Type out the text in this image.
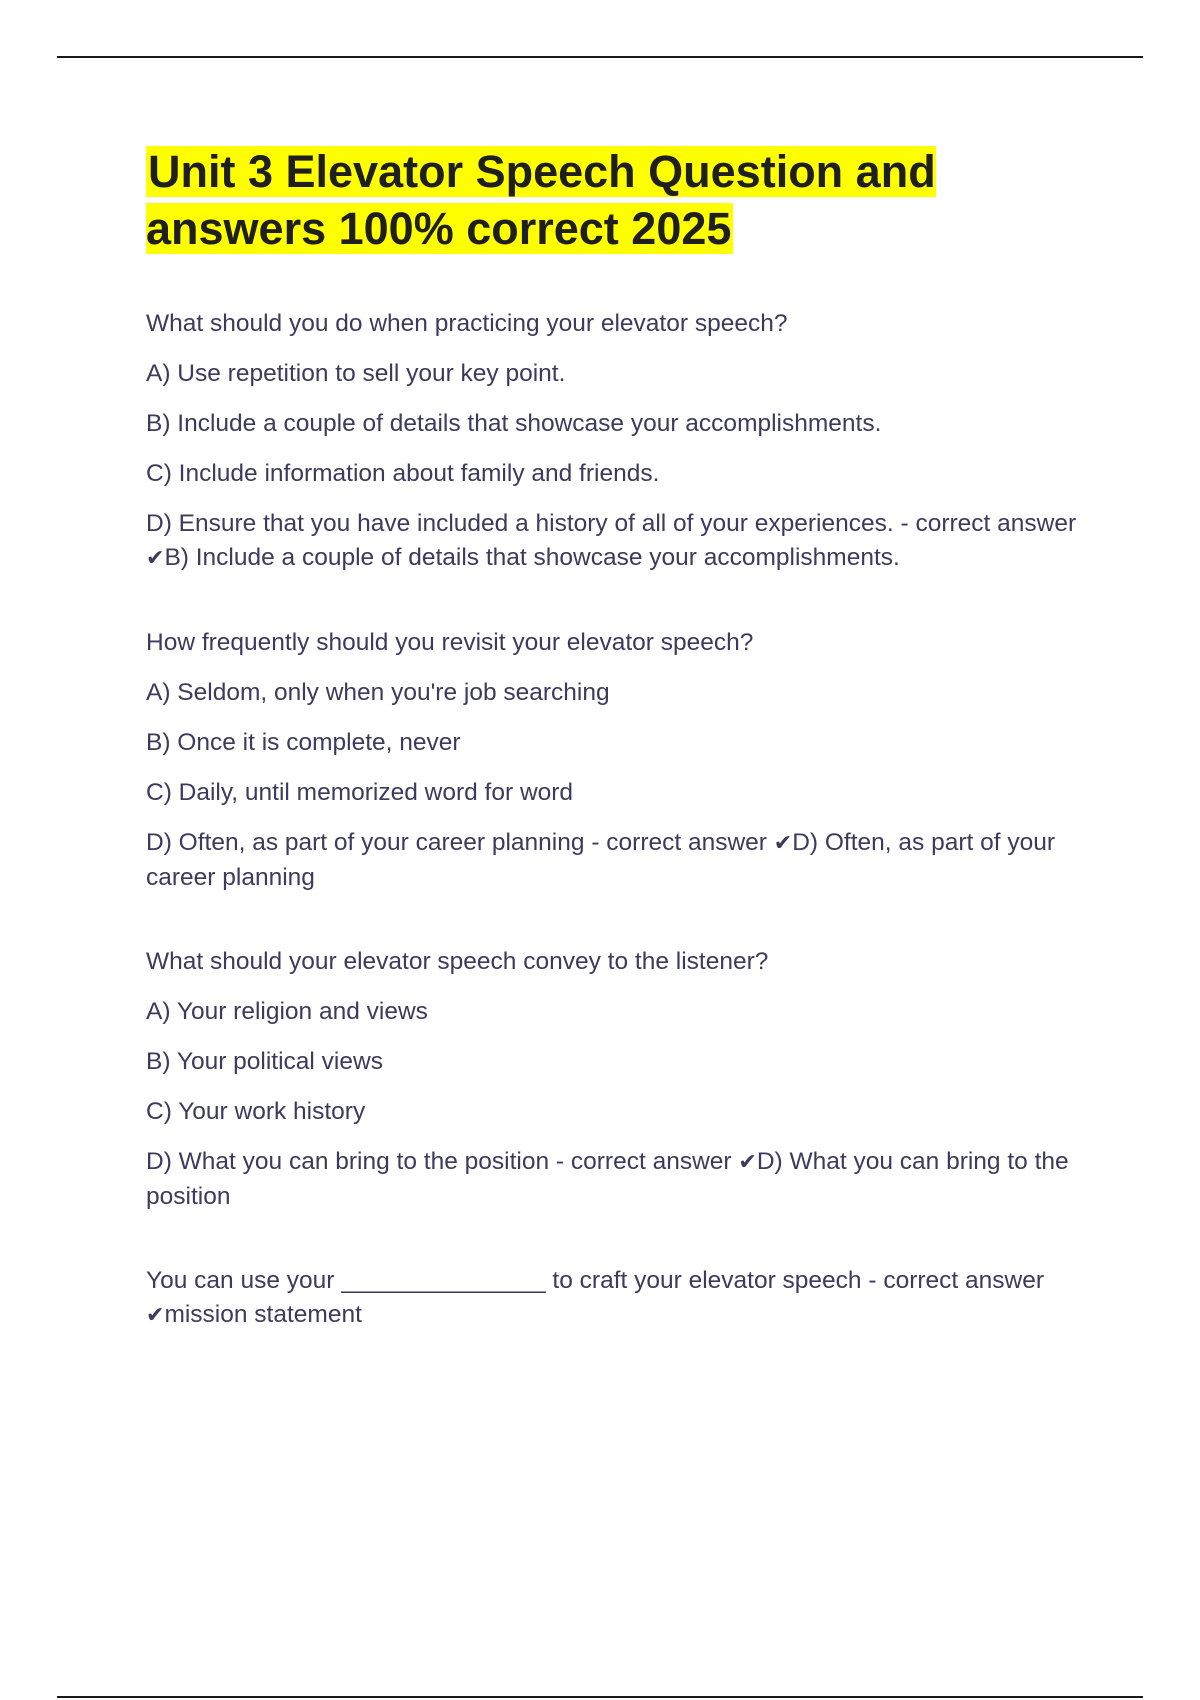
Unit 3 Elevator Speech Question and answers 100% correct 2025

What should you do when practicing your elevator speech?

A) Use repetition to sell your key point.

B) Include a couple of details that showcase your accomplishments.

C) Include information about family and friends.

D) Ensure that you have included a history of all of your experiences. - correct answer ✔B) Include a couple of details that showcase your accomplishments.

How frequently should you revisit your elevator speech?

A) Seldom, only when you're job searching

B) Once it is complete, never

C) Daily, until memorized word for word

D) Often, as part of your career planning - correct answer ✔D) Often, as part of your career planning

What should your elevator speech convey to the listener?

A) Your religion and views

B) Your political views

C) Your work history

D) What you can bring to the position - correct answer ✔D) What you can bring to the position

You can use your _______________ to craft your elevator speech - correct answer ✔mission statement
